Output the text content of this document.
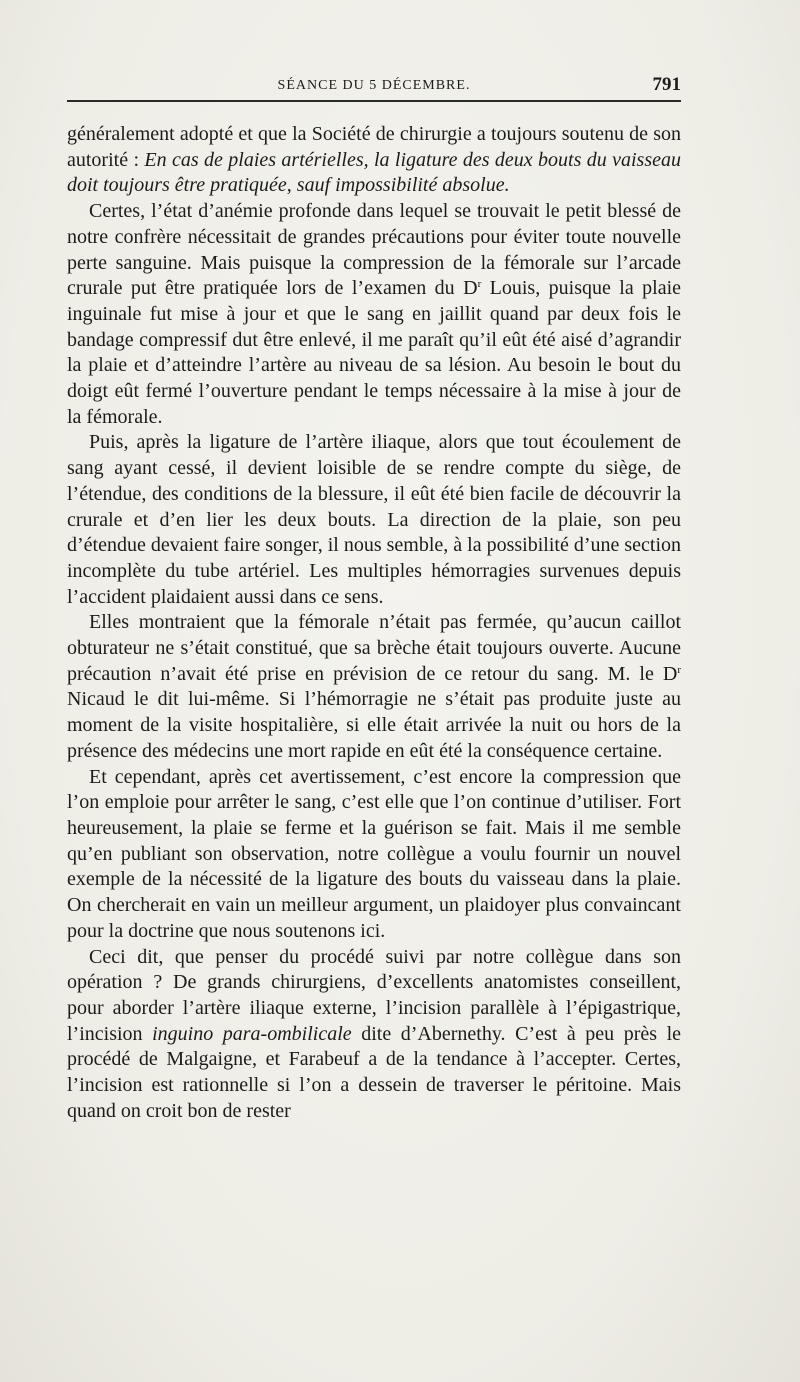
SÉANCE DU 5 DÉCEMBRE.	791

généralement adopté et que la Société de chirurgie a toujours soutenu de son autorité : En cas de plaies artérielles, la ligature des deux bouts du vaisseau doit toujours être pratiquée, sauf impossibilité absolue.

Certes, l’état d’anémie profonde dans lequel se trouvait le petit blessé de notre confrère nécessitait de grandes précautions pour éviter toute nouvelle perte sanguine. Mais puisque la compression de la fémorale sur l’arcade crurale put être pratiquée lors de l’examen du $D^r$ Louis, puisque la plaie inguinale fut mise à jour et que le sang en jaillit quand par deux fois le bandage compressif dut être enlevé, il me paraît qu’il eût été aisé d’agrandir la plaie et d’atteindre l’artère au niveau de sa lésion. Au besoin le bout du doigt eût fermé l’ouverture pendant le temps nécessaire à la mise à jour de la fémorale.

Puis, après la ligature de l’artère iliaque, alors que tout écoulement de sang ayant cessé, il devient loisible de se rendre compte du siège, de l’étendue, des conditions de la blessure, il eût été bien facile de découvrir la crurale et d’en lier les deux bouts. La direction de la plaie, son peu d’étendue devaient faire songer, il nous semble, à la possibilité d’une section incomplète du tube artériel. Les multiples hémorragies survenues depuis l’accident plaidaient aussi dans ce sens.

Elles montraient que la fémorale n’était pas fermée, qu’aucun caillot obturateur ne s’était constitué, que sa brèche était toujours ouverte. Aucune précaution n’avait été prise en prévision de ce retour du sang. M. le $D^r$ Nicaud le dit lui-même. Si l’hémorragie ne s’était pas produite juste au moment de la visite hospitalière, si elle était arrivée la nuit ou hors de la présence des médecins une mort rapide en eût été la conséquence certaine.

Et cependant, après cet avertissement, c’est encore la compression que l’on emploie pour arrêter le sang, c’est elle que l’on continue d’utiliser. Fort heureusement, la plaie se ferme et la guérison se fait. Mais il me semble qu’en publiant son observation, notre collègue a voulu fournir un nouvel exemple de la nécessité de la ligature des bouts du vaisseau dans la plaie. On chercherait en vain un meilleur argument, un plaidoyer plus convaincant pour la doctrine que nous soutenons ici.

Ceci dit, que penser du procédé suivi par notre collègue dans son opération ? De grands chirurgiens, d’excellents anatomistes conseillent, pour aborder l’artère iliaque externe, l’incision parallèle à l’épigastrique, l’incision inguino para-ombilicale dite d’Abernethy. C’est à peu près le procédé de Malgaigne, et Farabeuf a de la tendance à l’accepter. Certes, l’incision est rationnelle si l’on a dessein de traverser le péritoine. Mais quand on croit bon de rester
